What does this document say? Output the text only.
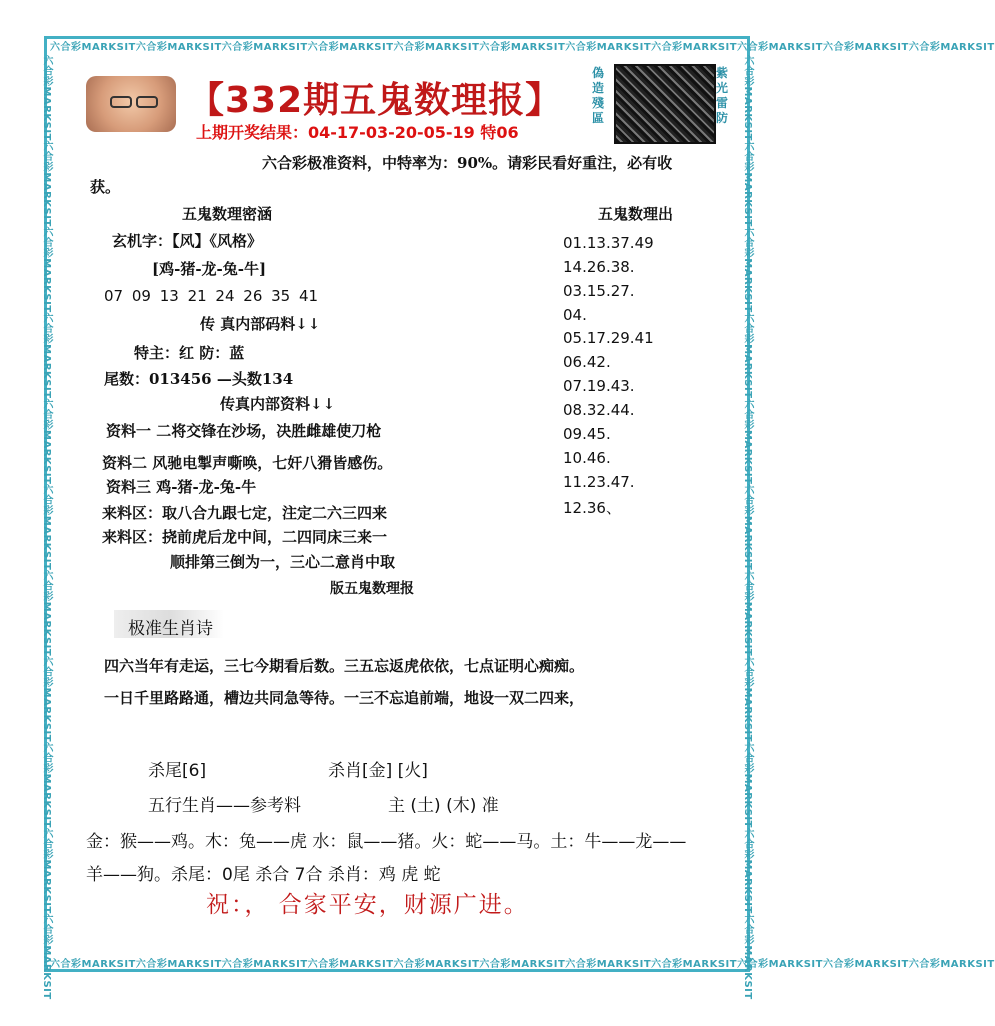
六合彩MARKSIT六合彩MARKSIT六合彩MARKSIT六合彩MARKSIT六合彩MARKSIT六合彩MARKSIT六合彩MARKSIT六合彩MARKSIT六合彩MARKSIT六合彩MARKSIT六合彩MARKSIT
六合彩MARKSIT六合彩MARKSIT六合彩MARKSIT六合彩MARKSIT六合彩MARKSIT六合彩MARKSIT六合彩MARKSIT六合彩MARKSIT六合彩MARKSIT六合彩MARKSIT六合彩MARKSIT
六合彩MARKSIT六合彩MARKSIT六合彩MARKSIT六合彩MARKSIT六合彩MARKSIT六合彩MARKSIT六合彩MARKSIT六合彩MARKSIT六合彩MARKSIT六合彩MARKSIT六合彩MARKSIT	六合彩MARKSIT六合彩MARKSIT六合彩MARKSIT六合彩MARKSIT六合彩MARKSIT六合彩MARKSIT六合彩MARKSIT六合彩MARKSIT六合彩MARKSIT六合彩MARKSIT六合彩MARKSIT
【332期五鬼数理报】
上期开奖结果：04-17-03-20-05-19 特06
偽造殘區
紫光雷防
六合彩极准资料，中特率为：90%。请彩民看好重注，必有收
获。
五鬼数理密涵
玄机字：【风】《风格》
[鸡-猪-龙-兔-牛]
07 09 13 21 24 26 35 41
传 真内部码料↓↓
特主：红 防：蓝
尾数：013456 —头数134
传真内部资料↓↓
资料一 二将交锋在沙场，决胜雌雄使刀枪
资料二 风驰电掣声嘶唤，七奸八猾皆感伤。
资料三 鸡-猪-龙-兔-牛
来料区：取八合九跟七定，注定二六三四来
来料区：挠前虎后龙中间，二四同床三来一
顺排第三倒为一，三心二意肖中取
版五鬼数理报
五鬼数理出
01.13.37.49
14.26.38.
03.15.27.
04.
05.17.29.41
06.42.
07.19.43.
08.32.44.
09.45.
10.46.
11.23.47.
12.36、
极准生肖诗
四六当年有走运，三七今期看后数。三五忘返虎依依，七点证明心痴痴。
一日千里路路通，槽边共同急等待。一三不忘追前端，地设一双二四来，
杀尾[6]	杀肖[金] [火]
五行生肖——参考料	主 (土) (木) 准
金：猴——鸡。木：兔——虎 水：鼠——猪。火：蛇——马。土：牛——龙——
羊——狗。杀尾：0尾 杀合 7合 杀肖：鸡 虎 蛇
祝：， 合家平安，财源广进。
